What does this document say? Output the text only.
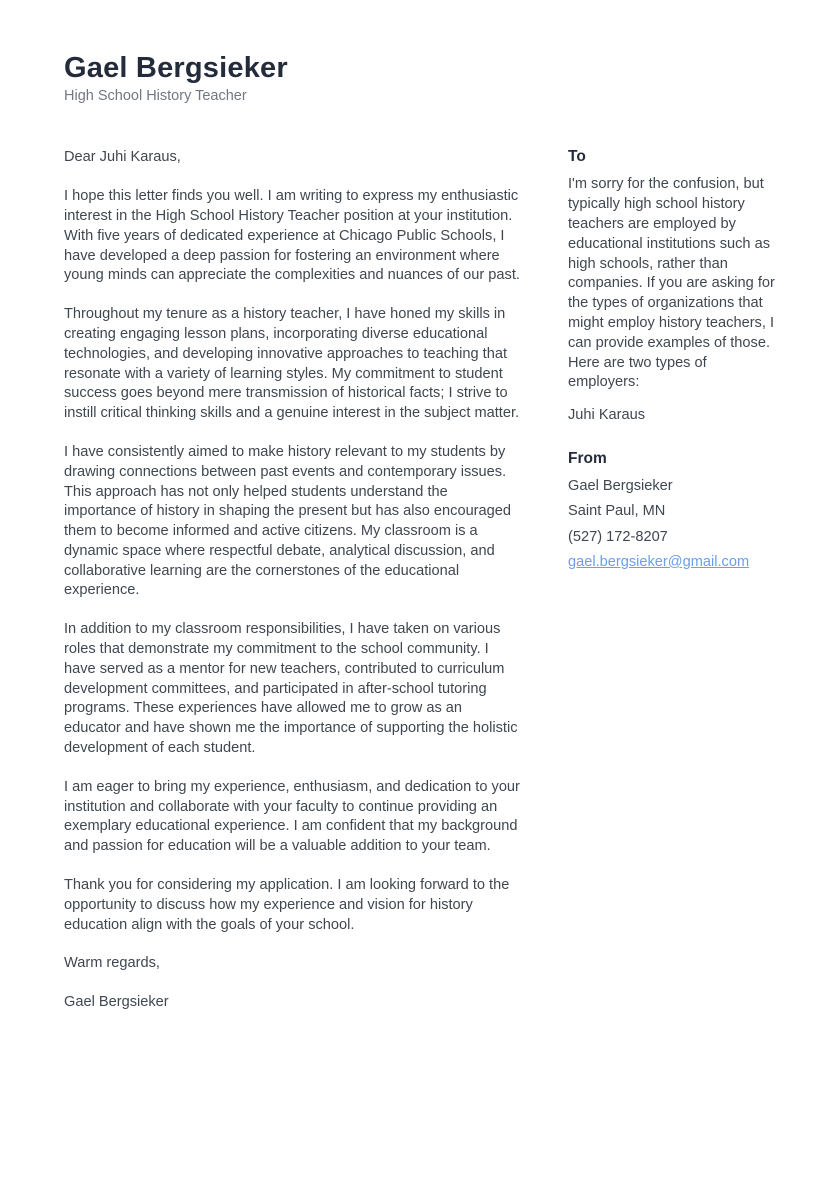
Gael Bergsieker
High School History Teacher

Dear Juhi Karaus,

I hope this letter finds you well. I am writing to express my enthusiastic interest in the High School History Teacher position at your institution. With five years of dedicated experience at Chicago Public Schools, I have developed a deep passion for fostering an environment where young minds can appreciate the complexities and nuances of our past.

Throughout my tenure as a history teacher, I have honed my skills in creating engaging lesson plans, incorporating diverse educational technologies, and developing innovative approaches to teaching that resonate with a variety of learning styles. My commitment to student success goes beyond mere transmission of historical facts; I strive to instill critical thinking skills and a genuine interest in the subject matter.

I have consistently aimed to make history relevant to my students by drawing connections between past events and contemporary issues. This approach has not only helped students understand the importance of history in shaping the present but has also encouraged them to become informed and active citizens. My classroom is a dynamic space where respectful debate, analytical discussion, and collaborative learning are the cornerstones of the educational experience.

In addition to my classroom responsibilities, I have taken on various roles that demonstrate my commitment to the school community. I have served as a mentor for new teachers, contributed to curriculum development committees, and participated in after-school tutoring programs. These experiences have allowed me to grow as an educator and have shown me the importance of supporting the holistic development of each student.

I am eager to bring my experience, enthusiasm, and dedication to your institution and collaborate with your faculty to continue providing an exemplary educational experience. I am confident that my background and passion for education will be a valuable addition to your team.

Thank you for considering my application. I am looking forward to the opportunity to discuss how my experience and vision for history education align with the goals of your school.

Warm regards,

Gael Bergsieker

To

I'm sorry for the confusion, but typically high school history teachers are employed by educational institutions such as high schools, rather than companies. If you are asking for the types of organizations that might employ history teachers, I can provide examples of those. Here are two types of employers:

Juhi Karaus

From

Gael Bergsieker

Saint Paul, MN

(527) 172-8207

gael.bergsieker@gmail.com
